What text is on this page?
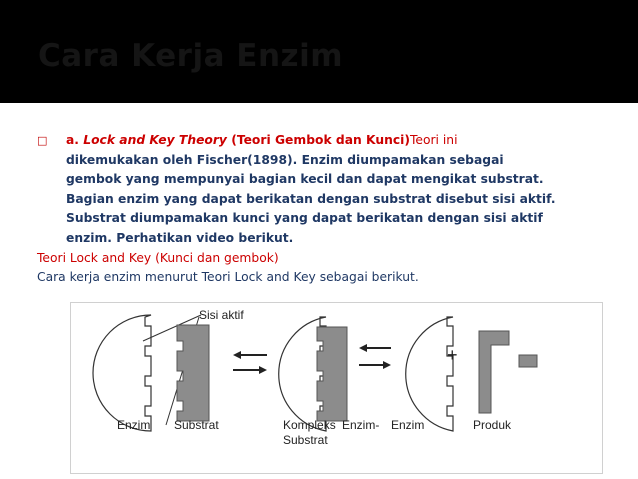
Cara Kerja Enzim
□ a. Lock and Key Theory (Teori Gembok dan Kunci)Teori ini
dikemukakan oleh Fischer(1898). Enzim diumpamakan sebagai
gembok yang mempunyai bagian kecil dan dapat mengikat substrat.
Bagian enzim yang dapat berikatan dengan substrat disebut sisi aktif.
Substrat diumpamakan kunci yang dapat berikatan dengan sisi aktif
enzim. Perhatikan video berikut.
Teori Lock and Key (Kunci dan gembok)
Cara kerja enzim menurut Teori Lock and Key sebagai berikut.
Sisi aktif
+
Enzim Substrat	Kompleks
Substrat
Enzim- Enzim	Produk
